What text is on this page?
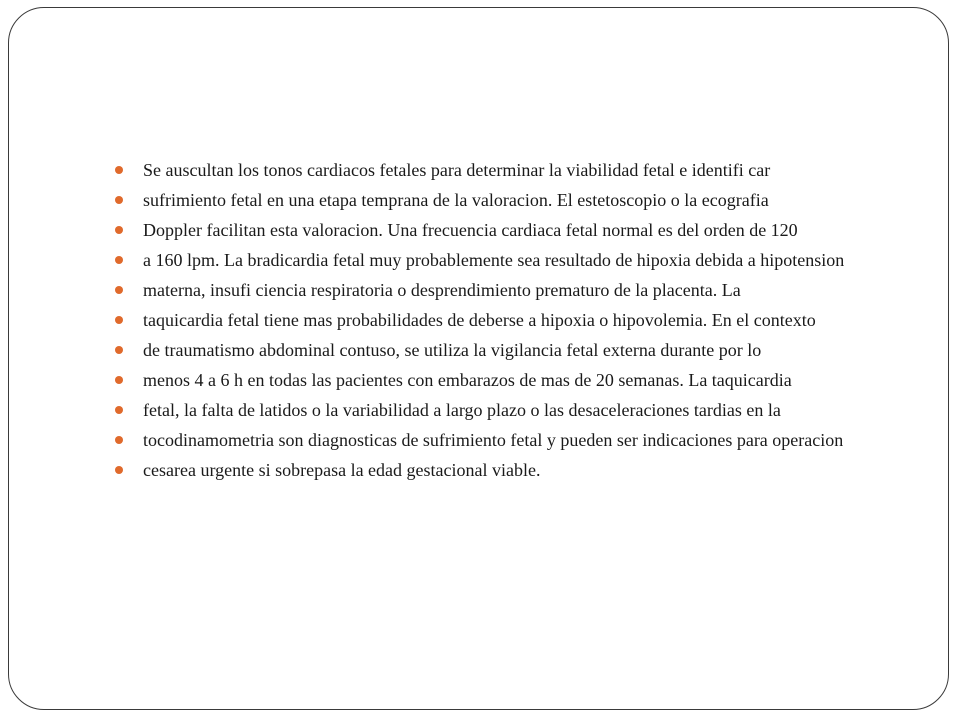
Se auscultan los tonos cardiacos fetales para determinar la viabilidad fetal e identifi car
sufrimiento fetal en una etapa temprana de la valoracion. El estetoscopio o la ecografia
Doppler facilitan esta valoracion. Una frecuencia cardiaca fetal normal es del orden de 120
a 160 lpm. La bradicardia fetal muy probablemente sea resultado de hipoxia debida a hipotension
materna, insufi ciencia respiratoria o desprendimiento prematuro de la placenta. La
taquicardia fetal tiene mas probabilidades de deberse a hipoxia o hipovolemia. En el contexto
de traumatismo abdominal contuso, se utiliza la vigilancia fetal externa durante por lo
menos 4 a 6 h en todas las pacientes con embarazos de mas de 20 semanas. La taquicardia
fetal, la falta de latidos o la variabilidad a largo plazo o las desaceleraciones tardias en la
tocodinamometria son diagnosticas de sufrimiento fetal y pueden ser indicaciones para operacion
cesarea urgente si sobrepasa la edad gestacional viable.
